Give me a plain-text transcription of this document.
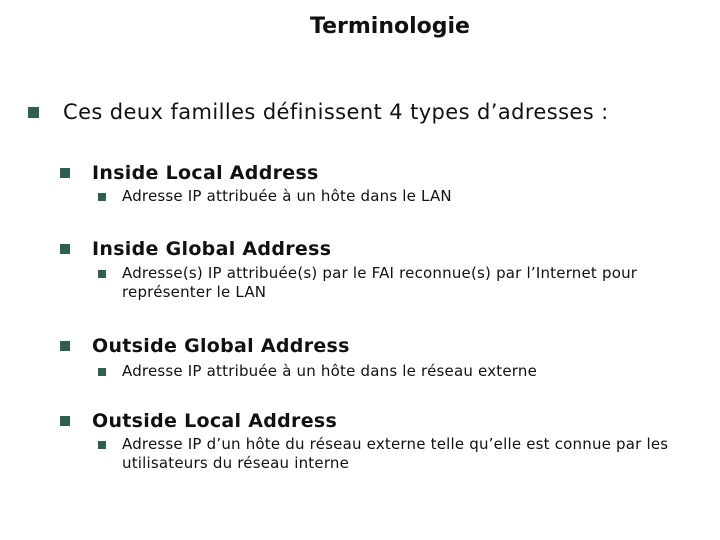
Terminologie
Ces deux familles définissent 4 types d’adresses :
Inside Local Address
Adresse IP attribuée à un hôte dans le LAN
Inside Global Address
Adresse(s) IP attribuée(s) par le FAI reconnue(s) par l’Internet pour représenter le LAN
Outside Global Address
Adresse IP attribuée à un hôte dans le réseau externe
Outside Local Address
Adresse IP d’un hôte du réseau externe telle qu’elle est connue par les utilisateurs du réseau interne
